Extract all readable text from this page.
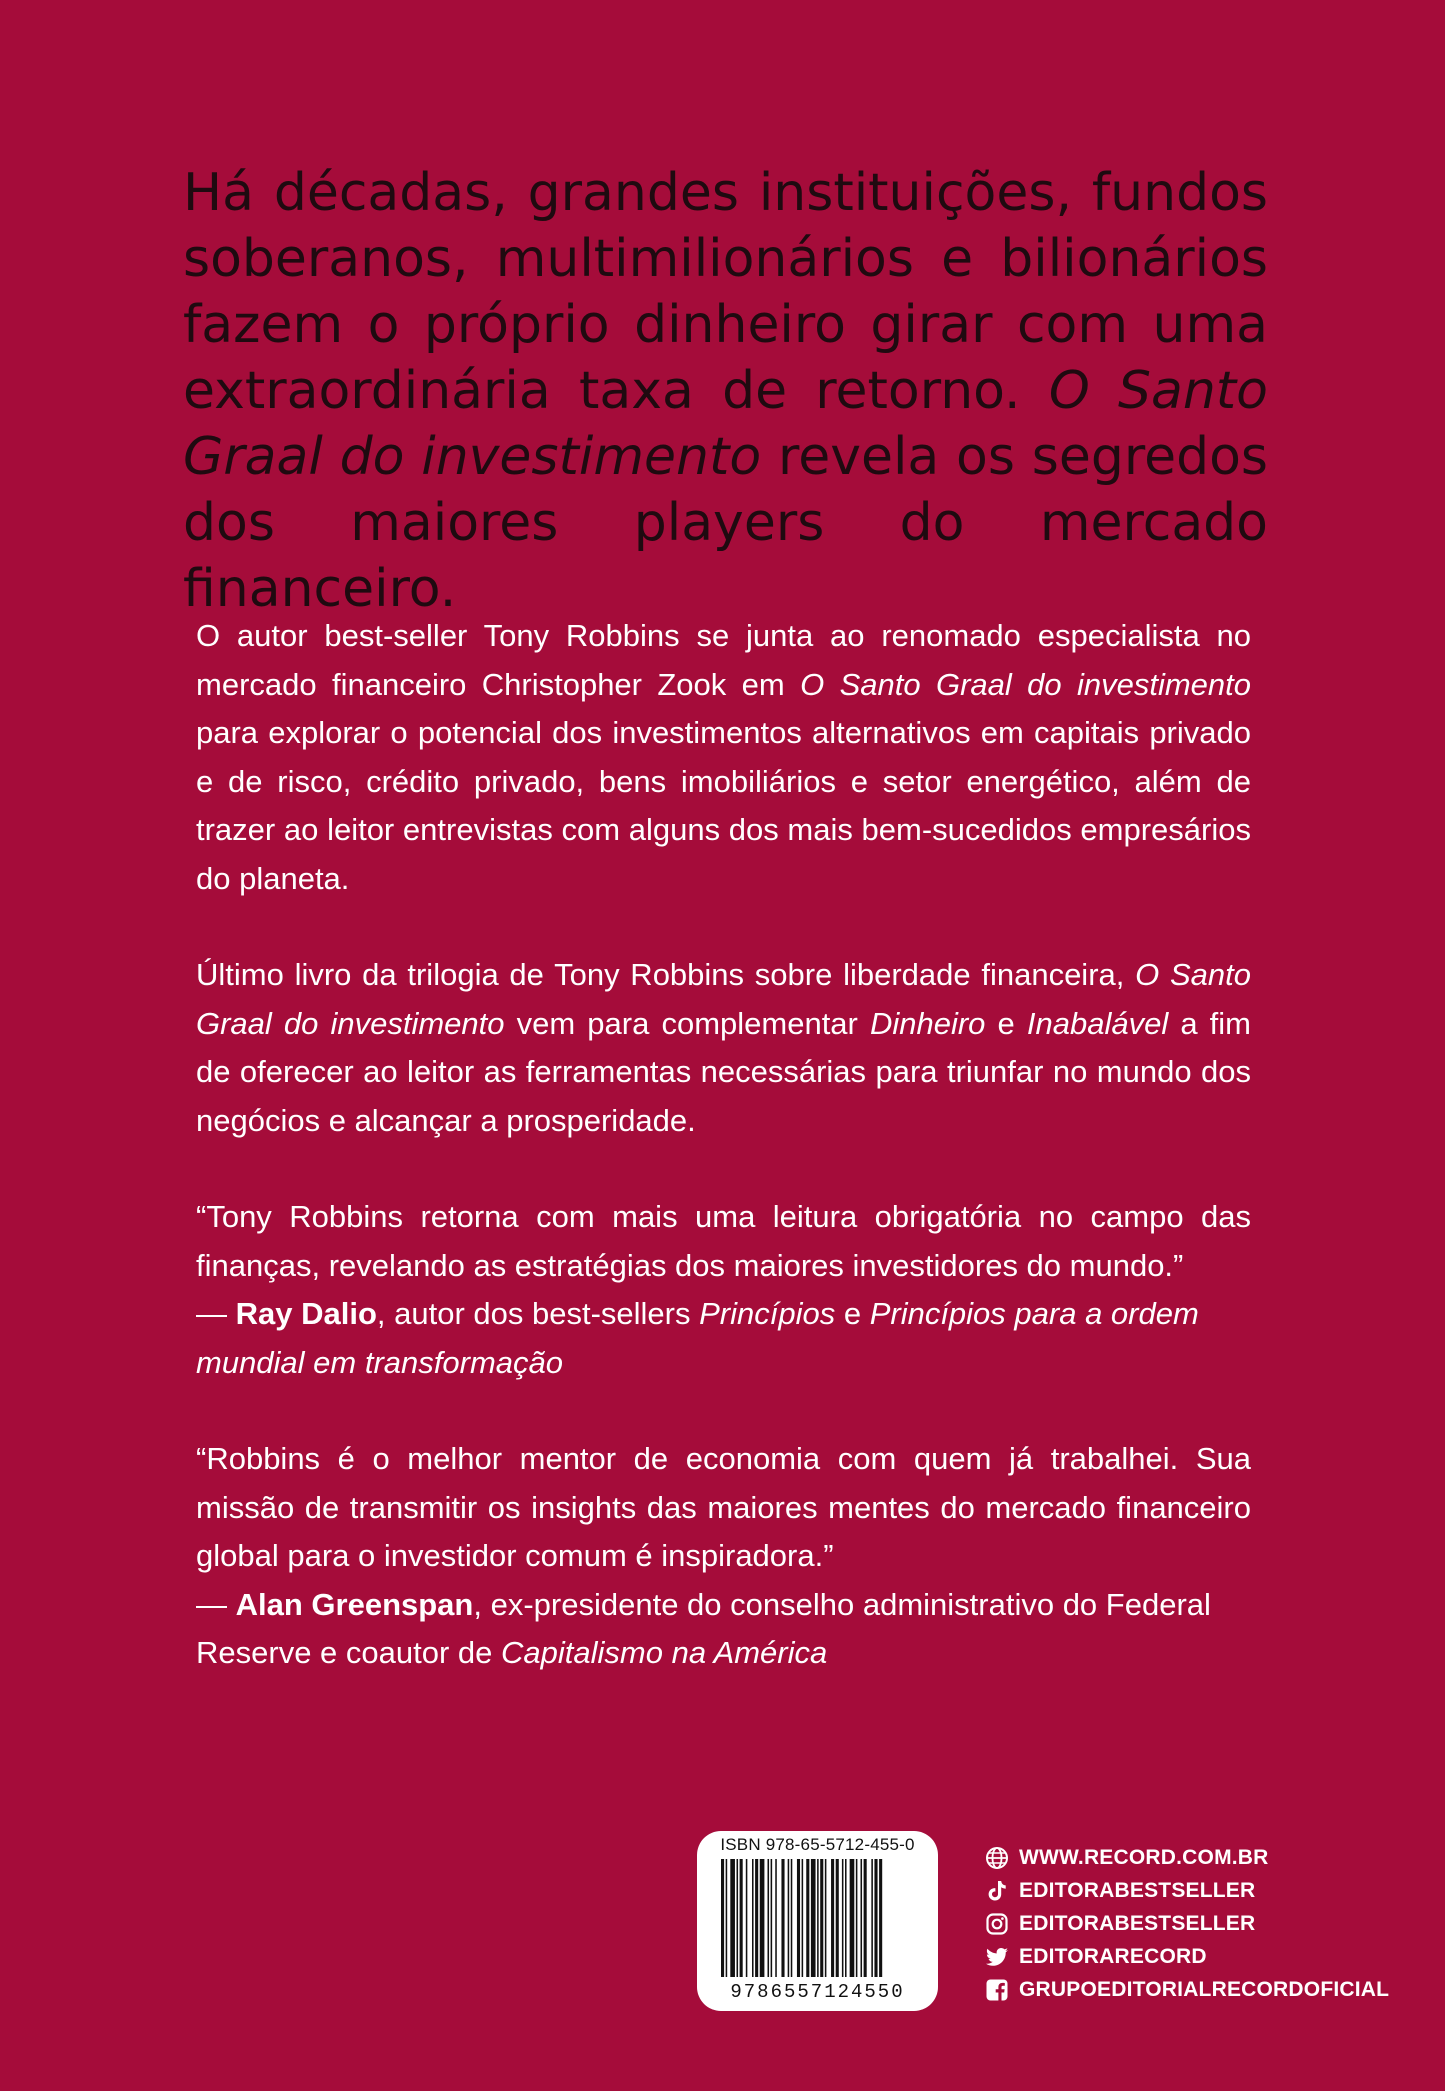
Há décadas, grandes instituições, fundos soberanos, multimilionários e bilionários fazem o próprio dinheiro girar com uma extraordinária taxa de retorno. O Santo Graal do investimento revela os segredos dos maiores players do mercado financeiro.

O autor best-seller Tony Robbins se junta ao renomado especialista no mercado financeiro Christopher Zook em O Santo Graal do investimento para explorar o potencial dos investimentos alternativos em capitais privado e de risco, crédito privado, bens imobiliários e setor energético, além de trazer ao leitor entrevistas com alguns dos mais bem-sucedidos empresários do planeta.

Último livro da trilogia de Tony Robbins sobre liberdade financeira, O Santo Graal do investimento vem para complementar Dinheiro e Inabalável a fim de oferecer ao leitor as ferramentas necessárias para triunfar no mundo dos negócios e alcançar a prosperidade.

“Tony Robbins retorna com mais uma leitura obrigatória no campo das finanças, revelando as estratégias dos maiores investidores do mundo.”
— Ray Dalio, autor dos best-sellers Princípios e Princípios para a ordem mundial em transformação

“Robbins é o melhor mentor de economia com quem já trabalhei. Sua missão de transmitir os insights das maiores mentes do mercado financeiro global para o investidor comum é inspiradora.”
— Alan Greenspan, ex-presidente do conselho administrativo do Federal Reserve e coautor de Capitalismo na América

ISBN 978-65-5712-455-0
9786557124550
WWW.RECORD.COM.BR
EDITORABESTSELLER
EDITORABESTSELLER
EDITORARECORD
GRUPOEDITORIALRECORDOFICIAL
